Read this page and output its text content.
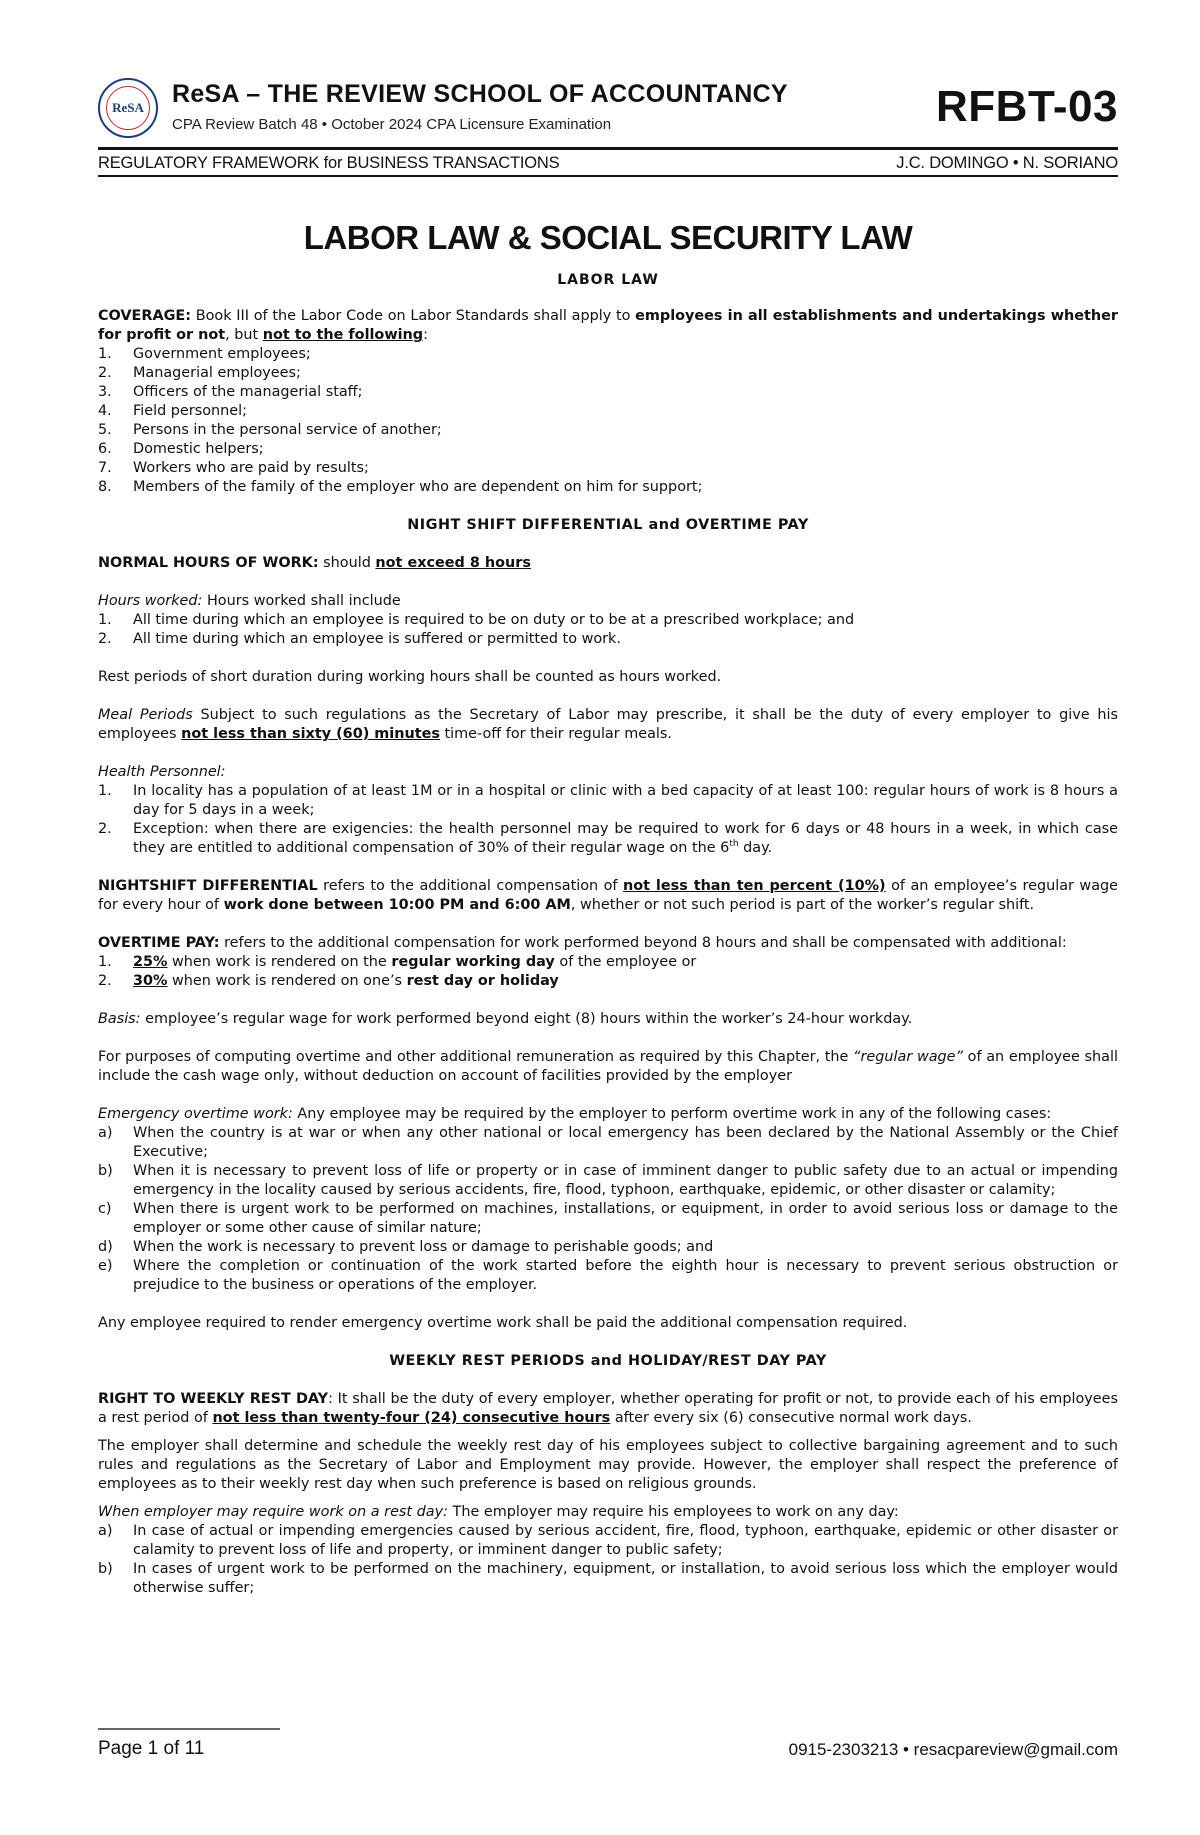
ReSA ReSA – THE REVIEW SCHOOL OF ACCOUNTANCY
CPA Review Batch 48 • October 2024 CPA Licensure Examination	RFBT-03
REGULATORY FRAMEWORK for BUSINESS TRANSACTIONS	J.C. DOMINGO • N. SORIANO
LABOR LAW & SOCIAL SECURITY LAW
LABOR LAW

COVERAGE: Book III of the Labor Code on Labor Standards shall apply to employees in all establishments and undertakings whether for profit or not, but not to the following:

1. Government employees;
2. Managerial employees;
3. Officers of the managerial staff;
4. Field personnel;
5. Persons in the personal service of another;
6. Domestic helpers;
7. Workers who are paid by results;
8. Members of the family of the employer who are dependent on him for support;
NIGHT SHIFT DIFFERENTIAL and OVERTIME PAY

NORMAL HOURS OF WORK: should not exceed 8 hours

Hours worked: Hours worked shall include

1. All time during which an employee is required to be on duty or to be at a prescribed workplace; and
2. All time during which an employee is suffered or permitted to work.

Rest periods of short duration during working hours shall be counted as hours worked.

Meal Periods Subject to such regulations as the Secretary of Labor may prescribe, it shall be the duty of every employer to give his employees not less than sixty (60) minutes time-off for their regular meals.

Health Personnel:

1. In locality has a population of at least 1M or in a hospital or clinic with a bed capacity of at least 100: regular hours of work is 8 hours a day for 5 days in a week;
2. Exception: when there are exigencies: the health personnel may be required to work for 6 days or 48 hours in a week, in which case they are entitled to additional compensation of 30% of their regular wage on the 6th day.

NIGHTSHIFT DIFFERENTIAL refers to the additional compensation of not less than ten percent (10%) of an employee’s regular wage for every hour of work done between 10:00 PM and 6:00 AM, whether or not such period is part of the worker’s regular shift.

OVERTIME PAY: refers to the additional compensation for work performed beyond 8 hours and shall be compensated with additional:

1. 25% when work is rendered on the regular working day of the employee or
2. 30% when work is rendered on one’s rest day or holiday

Basis: employee’s regular wage for work performed beyond eight (8) hours within the worker’s 24-hour workday.

For purposes of computing overtime and other additional remuneration as required by this Chapter, the “regular wage” of an employee shall include the cash wage only, without deduction on account of facilities provided by the employer

Emergency overtime work: Any employee may be required by the employer to perform overtime work in any of the following cases:

a) When the country is at war or when any other national or local emergency has been declared by the National Assembly or the Chief Executive;
b) When it is necessary to prevent loss of life or property or in case of imminent danger to public safety due to an actual or impending emergency in the locality caused by serious accidents, fire, flood, typhoon, earthquake, epidemic, or other disaster or calamity;
c) When there is urgent work to be performed on machines, installations, or equipment, in order to avoid serious loss or damage to the employer or some other cause of similar nature;
d) When the work is necessary to prevent loss or damage to perishable goods; and
e) Where the completion or continuation of the work started before the eighth hour is necessary to prevent serious obstruction or prejudice to the business or operations of the employer.

Any employee required to render emergency overtime work shall be paid the additional compensation required.

WEEKLY REST PERIODS and HOLIDAY/REST DAY PAY

RIGHT TO WEEKLY REST DAY: It shall be the duty of every employer, whether operating for profit or not, to provide each of his employees a rest period of not less than twenty-four (24) consecutive hours after every six (6) consecutive normal work days.

The employer shall determine and schedule the weekly rest day of his employees subject to collective bargaining agreement and to such rules and regulations as the Secretary of Labor and Employment may provide. However, the employer shall respect the preference of employees as to their weekly rest day when such preference is based on religious grounds.

When employer may require work on a rest day: The employer may require his employees to work on any day:

a) In case of actual or impending emergencies caused by serious accident, fire, flood, typhoon, earthquake, epidemic or other disaster or calamity to prevent loss of life and property, or imminent danger to public safety;
b) In cases of urgent work to be performed on the machinery, equipment, or installation, to avoid serious loss which the employer would otherwise suffer;
Page 1 of 11	0915-2303213 • resacpareview@gmail.com
